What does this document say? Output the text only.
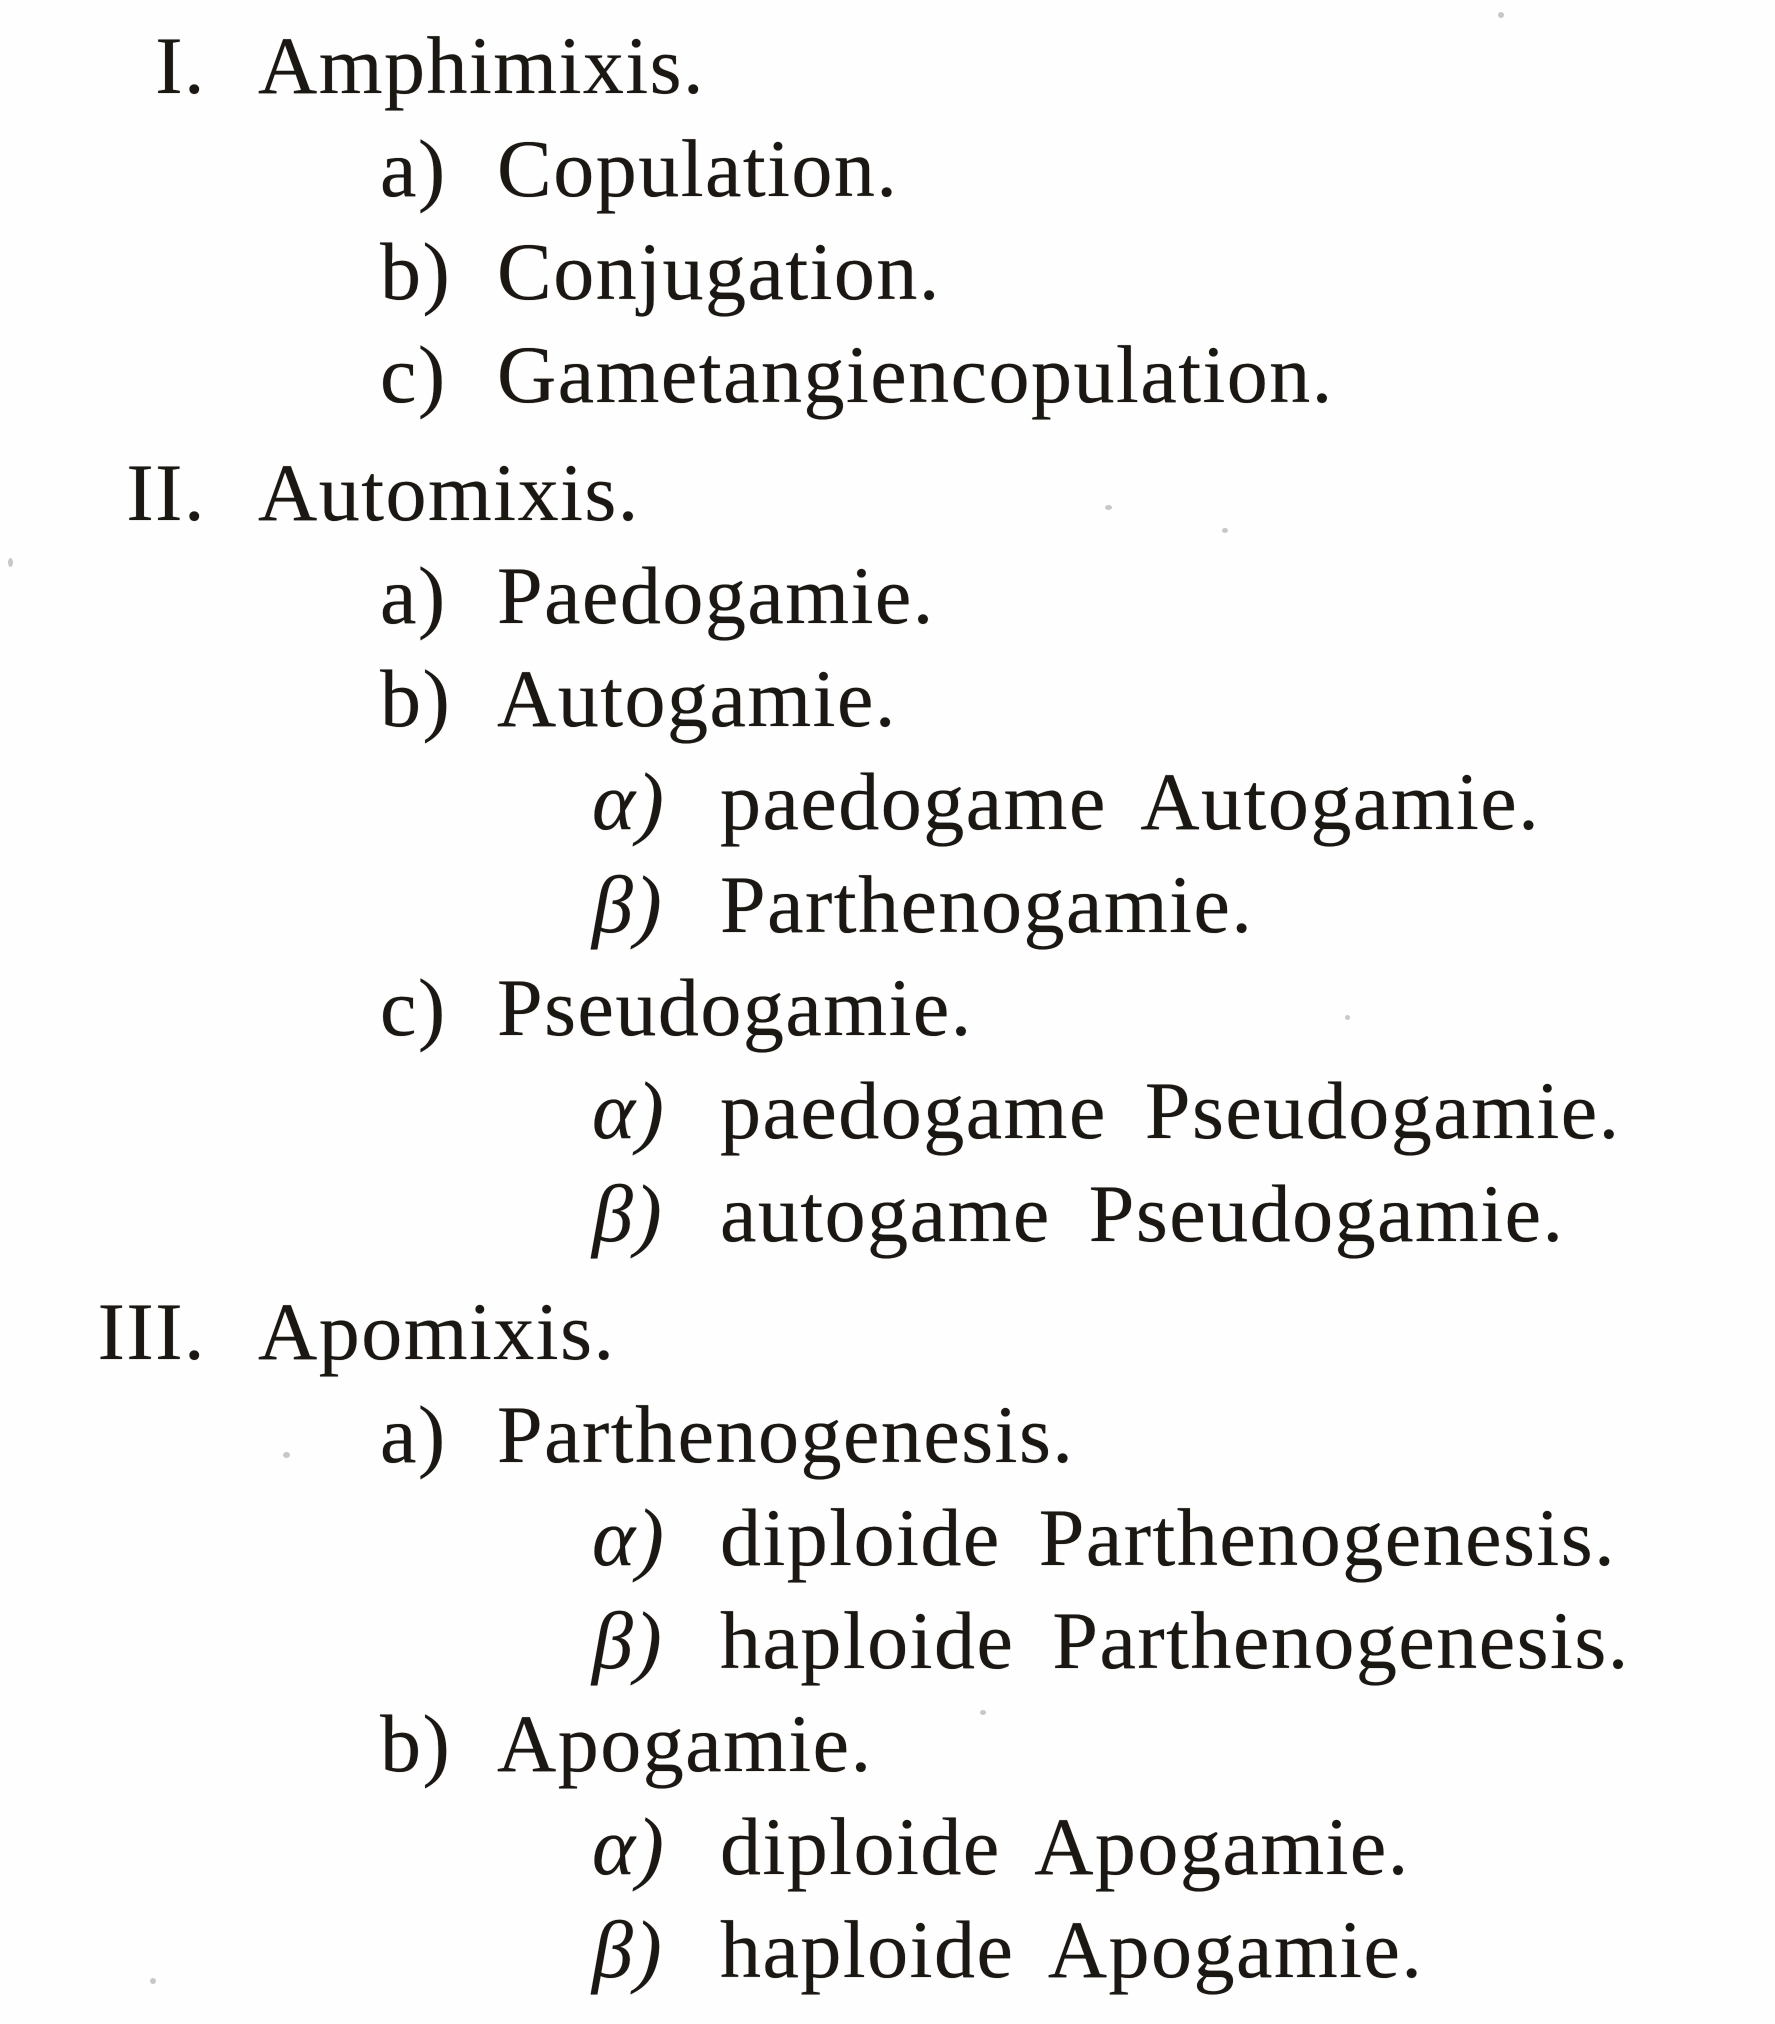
I. Amphimixis.
a) Copulation.
b) Conjugation.
c) Gametangiencopulation.
II. Automixis.
a) Paedogamie.
b) Autogamie.
α) paedogame Autogamie.
β) Parthenogamie.
c) Pseudogamie.
α) paedogame Pseudogamie.
β) autogame Pseudogamie.
III. Apomixis.
a) Parthenogenesis.
α) diploide Parthenogenesis.
β) haploide Parthenogenesis.
b) Apogamie.
α) diploide Apogamie.
β) haploide Apogamie.
